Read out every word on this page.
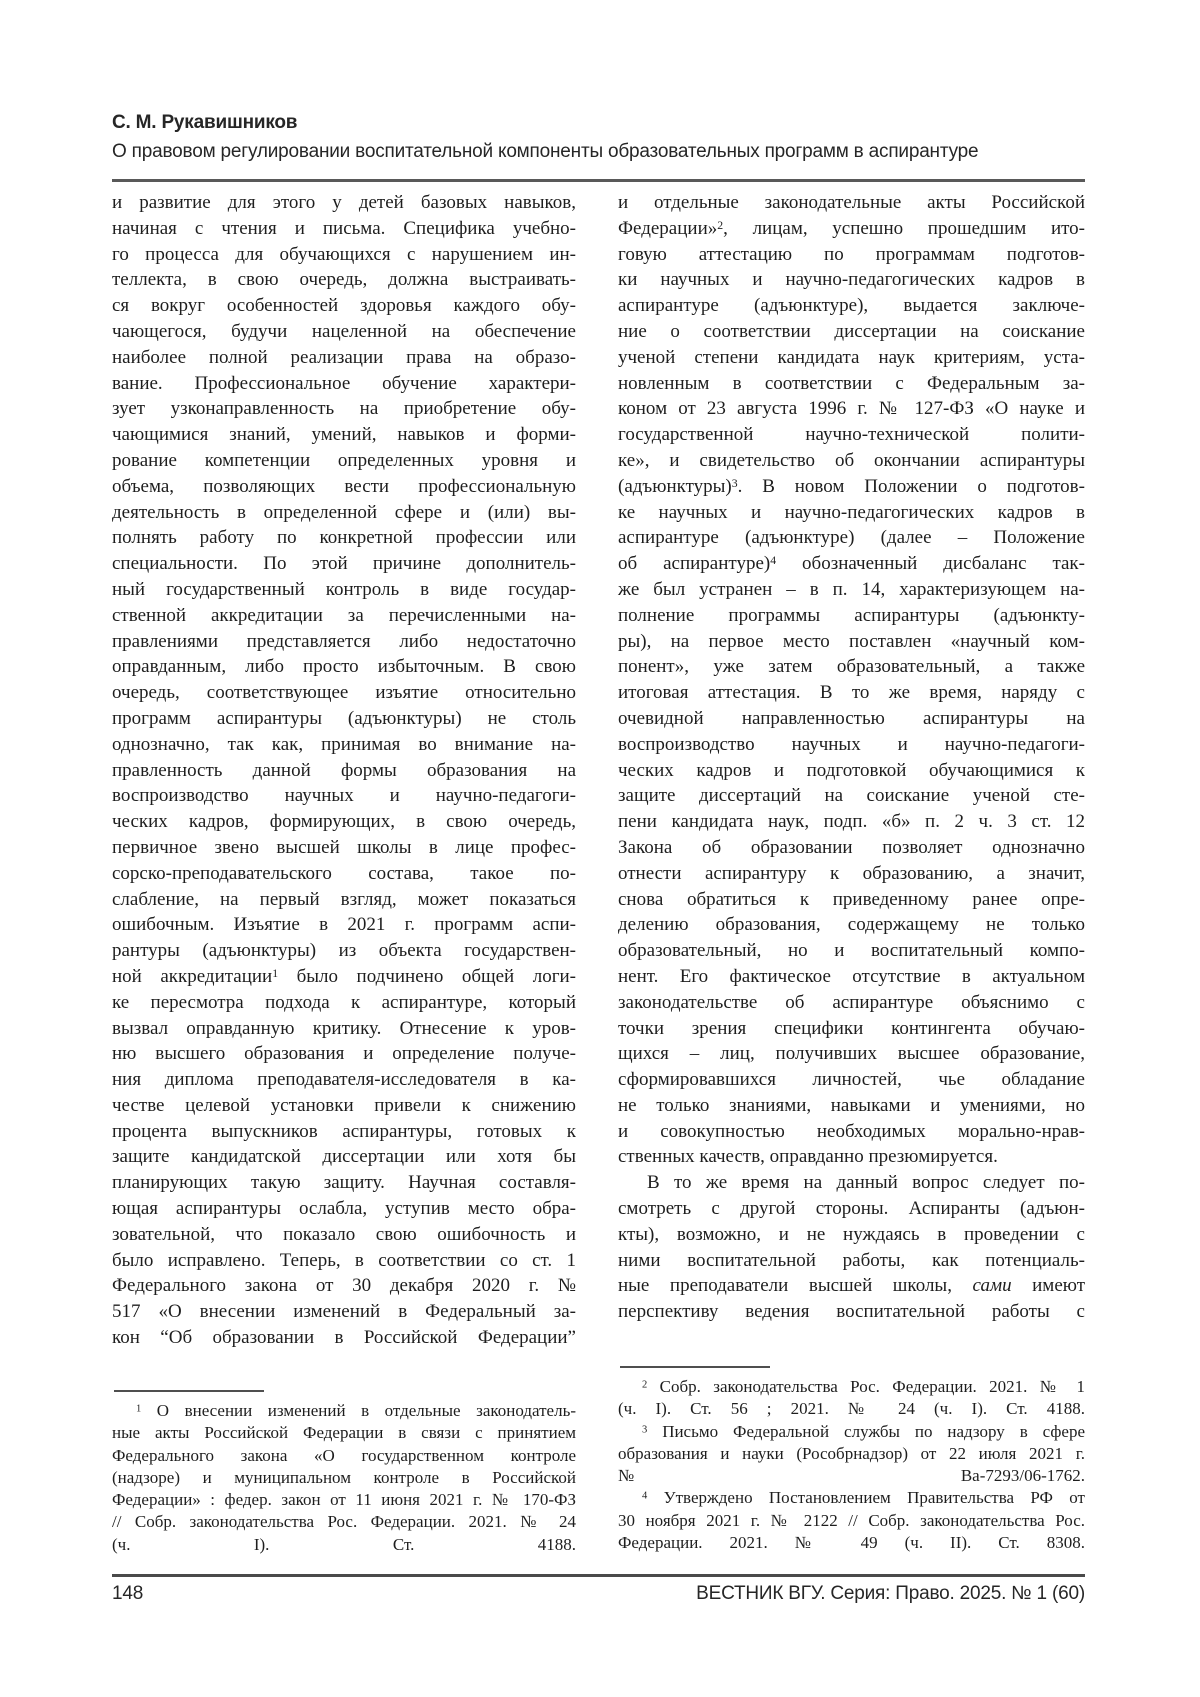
С. М. Рукавишников
О правовом регулировании воспитательной компоненты образовательных программ в аспирантуре
и развитие для этого у детей базовых навыков,
начиная с чтения и письма. Специфика учебно-
го процесса для обучающихся с нарушением ин-
теллекта, в свою очередь, должна выстраивать-
ся вокруг особенностей здоровья каждого обу-
чающегося, будучи нацеленной на обеспечение
наиболее полной реализации права на образо-
вание. Профессиональное обучение характери-
зует узконаправленность на приобретение обу-
чающимися знаний, умений, навыков и форми-
рование компетенции определенных уровня и
объема, позволяющих вести профессиональную
деятельность в определенной сфере и (или) вы-
полнять работу по конкретной профессии или
специальности. По этой причине дополнитель-
ный государственный контроль в виде государ-
ственной аккредитации за перечисленными на-
правлениями представляется либо недостаточно
оправданным, либо просто избыточным. В свою
очередь, соответствующее изъятие относительно
программ аспирантуры (адъюнктуры) не столь
однозначно, так как, принимая во внимание на-
правленность данной формы образования на
воспроизводство научных и научно-педагоги-
ческих кадров, формирующих, в свою очередь,
первичное звено высшей школы в лице профес-
сорско-преподавательского состава, такое по-
слабление, на первый взгляд, может показаться
ошибочным. Изъятие в 2021 г. программ аспи-
рантуры (адъюнктуры) из объекта государствен-
ной аккредитации$^1$ было подчинено общей логи-
ке пересмотра подхода к аспирантуре, который
вызвал оправданную критику. Отнесение к уров-
ню высшего образования и определение получе-
ния диплома преподавателя-исследователя в ка-
честве целевой установки привели к снижению
процента выпускников аспирантуры, готовых к
защите кандидатской диссертации или хотя бы
планирующих такую защиту. Научная составля-
ющая аспирантуры ослабла, уступив место обра-
зовательной, что показало свою ошибочность и
было исправлено. Теперь, в соответствии со ст. 1
Федерального закона от 30 декабря 2020 г. №
517 «О внесении изменений в Федеральный за-
кон “Об образовании в Российской Федерации”
и отдельные законодательные акты Российской
Федерации»$^2$, лицам, успешно прошедшим ито-
говую аттестацию по программам подготов-
ки научных и научно-педагогических кадров в
аспирантуре (адъюнктуре), выдается заключе-
ние о соответствии диссертации на соискание
ученой степени кандидата наук критериям, уста-
новленным в соответствии с Федеральным за-
коном от 23 августа 1996 г. № 127-ФЗ «О науке и
государственной научно-технической полити-
ке», и свидетельство об окончании аспирантуры
(адъюнктуры)$^3$. В новом Положении о подготов-
ке научных и научно-педагогических кадров в
аспирантуре (адъюнктуре) (далее – Положение
об аспирантуре)$^4$ обозначенный дисбаланс так-
же был устранен – в п. 14, характеризующем на-
полнение программы аспирантуры (адъюнкту-
ры), на первое место поставлен «научный ком-
понент», уже затем образовательный, а также
итоговая аттестация. В то же время, наряду с
очевидной направленностью аспирантуры на
воспроизводство научных и научно-педагоги-
ческих кадров и подготовкой обучающимися к
защите диссертаций на соискание ученой сте-
пени кандидата наук, подп. «б» п. 2 ч. 3 ст. 12
Закона об образовании позволяет однозначно
отнести аспирантуру к образованию, а значит,
снова обратиться к приведенному ранее опре-
делению образования, содержащему не только
образовательный, но и воспитательный компо-
нент. Его фактическое отсутствие в актуальном
законодательстве об аспирантуре объяснимо с
точки зрения специфики контингента обучаю-
щихся – лиц, получивших высшее образование,
сформировавшихся личностей, чье обладание
не только знаниями, навыками и умениями, но
и совокупностью необходимых морально-нрав-
ственных качеств, оправданно презюмируется.
В то же время на данный вопрос следует по-
смотреть с другой стороны. Аспиранты (адъюн-
кты), возможно, и не нуждаясь в проведении с
ними воспитательной работы, как потенциаль-
ные преподаватели высшей школы, сами имеют
перспективу ведения воспитательной работы с
$^1$ О внесении изменений в отдельные законодатель-
ные акты Российской Федерации в связи с принятием
Федерального закона «О государственном контроле
(надзоре) и муниципальном контроле в Российской
Федерации» : федер. закон от 11 июня 2021 г. № 170-ФЗ
// Собр. законодательства Рос. Федерации. 2021. № 24
(ч. I). Ст. 4188.
$^2$ Собр. законодательства Рос. Федерации. 2021. № 1
(ч. I). Ст. 56 ; 2021. № 24 (ч. I). Ст. 4188.
$^3$ Письмо Федеральной службы по надзору в сфере
образования и науки (Рособрнадзор) от 22 июля 2021 г.
№ Ва-7293/06-1762.
$^4$ Утверждено Постановлением Правительства РФ от
30 ноября 2021 г. № 2122 // Собр. законодательства Рос.
Федерации. 2021. № 49 (ч. II). Ст. 8308.
148	ВЕСТНИК ВГУ. Серия: Право. 2025. № 1 (60)
